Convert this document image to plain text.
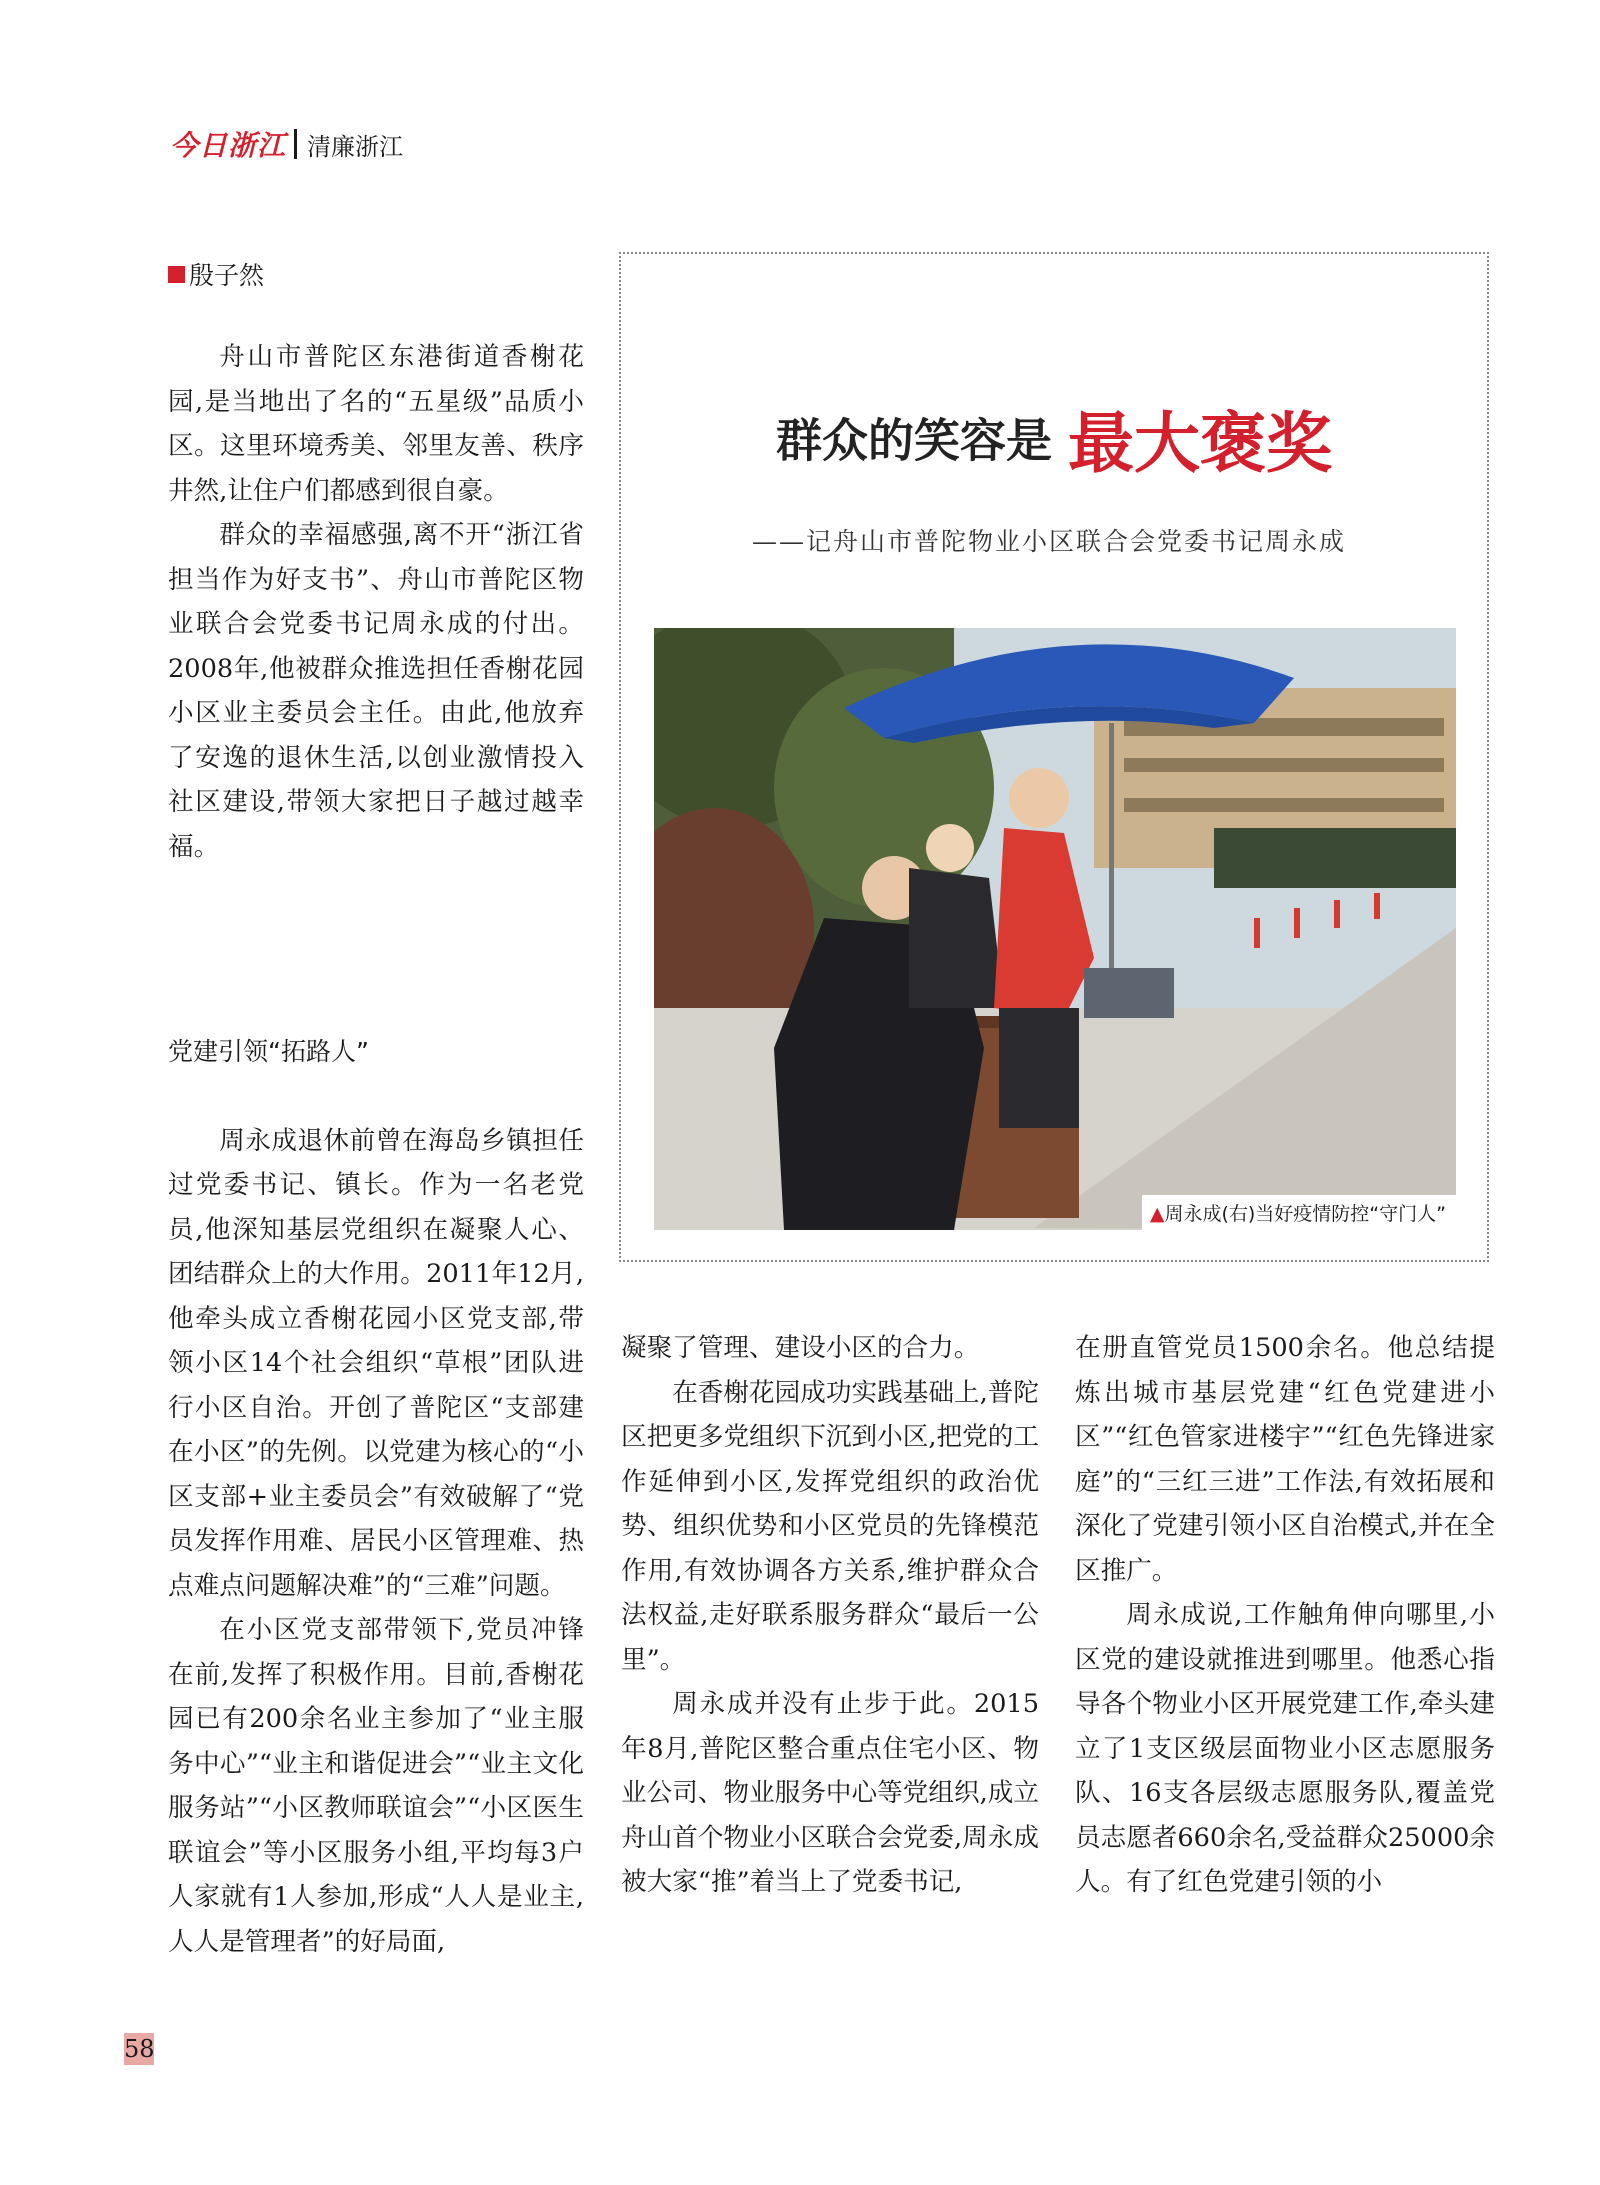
今日浙江 清廉浙江
殷子然
群众的笑容是 最大褒奖
——记舟山市普陀物业小区联合会党委书记周永成
▲周永成(右)当好疫情防控“守门人”

舟山市普陀区东港街道香榭花园,是当地出了名的“五星级”品质小区。这里环境秀美、邻里友善、秩序井然,让住户们都感到很自豪。

群众的幸福感强,离不开“浙江省担当作为好支书”、舟山市普陀区物业联合会党委书记周永成的付出。2008年,他被群众推选担任香榭花园小区业主委员会主任。由此,他放弃了安逸的退休生活,以创业激情投入社区建设,带领大家把日子越过越幸福。

党建引领“拓路人”

周永成退休前曾在海岛乡镇担任过党委书记、镇长。作为一名老党员,他深知基层党组织在凝聚人心、团结群众上的大作用。2011年12月,他牵头成立香榭花园小区党支部,带领小区14个社会组织“草根”团队进行小区自治。开创了普陀区“支部建在小区”的先例。以党建为核心的“小区支部+业主委员会”有效破解了“党员发挥作用难、居民小区管理难、热点难点问题解决难”的“三难”问题。

在小区党支部带领下,党员冲锋在前,发挥了积极作用。目前,香榭花园已有200余名业主参加了“业主服务中心”“业主和谐促进会”“业主文化服务站”“小区教师联谊会”“小区医生联谊会”等小区服务小组,平均每3户人家就有1人参加,形成“人人是业主,人人是管理者”的好局面,

凝聚了管理、建设小区的合力。

在香榭花园成功实践基础上,普陀区把更多党组织下沉到小区,把党的工作延伸到小区,发挥党组织的政治优势、组织优势和小区党员的先锋模范作用,有效协调各方关系,维护群众合法权益,走好联系服务群众“最后一公里”。

周永成并没有止步于此。2015年8月,普陀区整合重点住宅小区、物业公司、物业服务中心等党组织,成立舟山首个物业小区联合会党委,周永成被大家“推”着当上了党委书记,

在册直管党员1500余名。他总结提炼出城市基层党建“红色党建进小区”“红色管家进楼宇”“红色先锋进家庭”的“三红三进”工作法,有效拓展和深化了党建引领小区自治模式,并在全区推广。

周永成说,工作触角伸向哪里,小区党的建设就推进到哪里。他悉心指导各个物业小区开展党建工作,牵头建立了1支区级层面物业小区志愿服务队、16支各层级志愿服务队,覆盖党员志愿者660余名,受益群众25000余人。有了红色党建引领的小

58
